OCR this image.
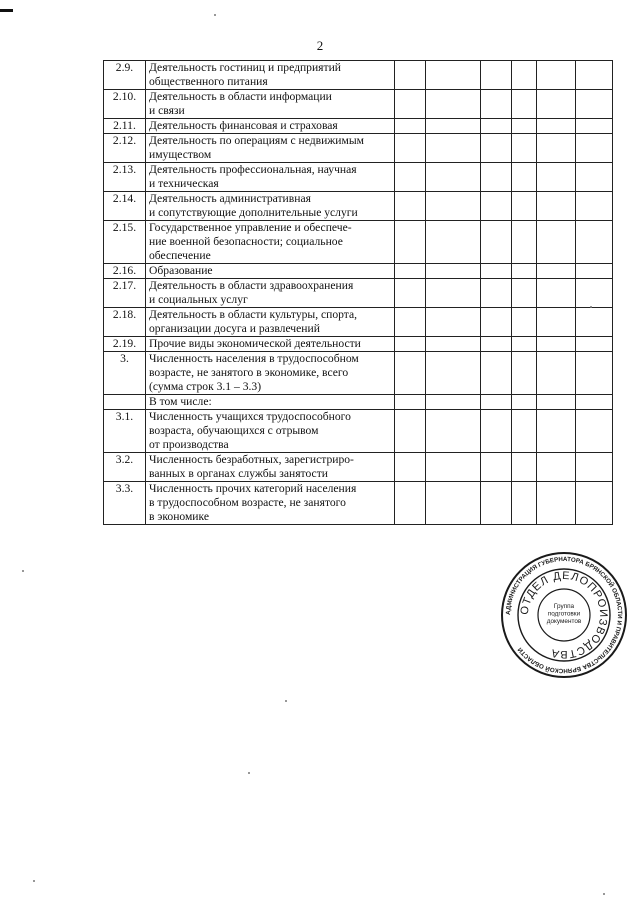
2
2.9.	Деятельность гостиниц и предприятий
общественного питания						

2.10.	Деятельность в области информации
и связи						

2.11.	Деятельность финансовая и страховая						

2.12.	Деятельность по операциям с недвижимым
имуществом						

2.13.	Деятельность профессиональная, научная
и техническая						

2.14.	Деятельность административная
и сопутствующие дополнительные услуги						

2.15.	Государственное управление и обеспече-
ние военной безопасности; социальное
обеспечение						

2.16.	Образование						

2.17.	Деятельность в области здравоохранения
и социальных услуг						

2.18.	Деятельность в области культуры, спорта,
организации досуга и развлечений						

2.19.	Прочие виды экономической деятельности						

3.	Численность населения в трудоспособном
возрасте, не занятого в экономике, всего
(сумма строк 3.1 – 3.3)						

	В том числе:						

3.1.	Численность учащихся трудоспособного
возраста, обучающихся с отрывом
от производства						

3.2.	Численность безработных, зарегистриро-
ванных в органах службы занятости						

3.3.	Численность прочих категорий населения
в трудоспособном возрасте, не занятого
в экономике						

АДМИНИСТРАЦИЯ ГУБЕРНАТОРА БРЯНСКОЙ ОБЛАСТИ И ПРАВИТЕЛЬСТВА БРЯНСКОЙ ОБЛАСТИ
ОТДЕЛ ДЕЛОПРОИЗВОДСТВА
Группа подготовки документов
